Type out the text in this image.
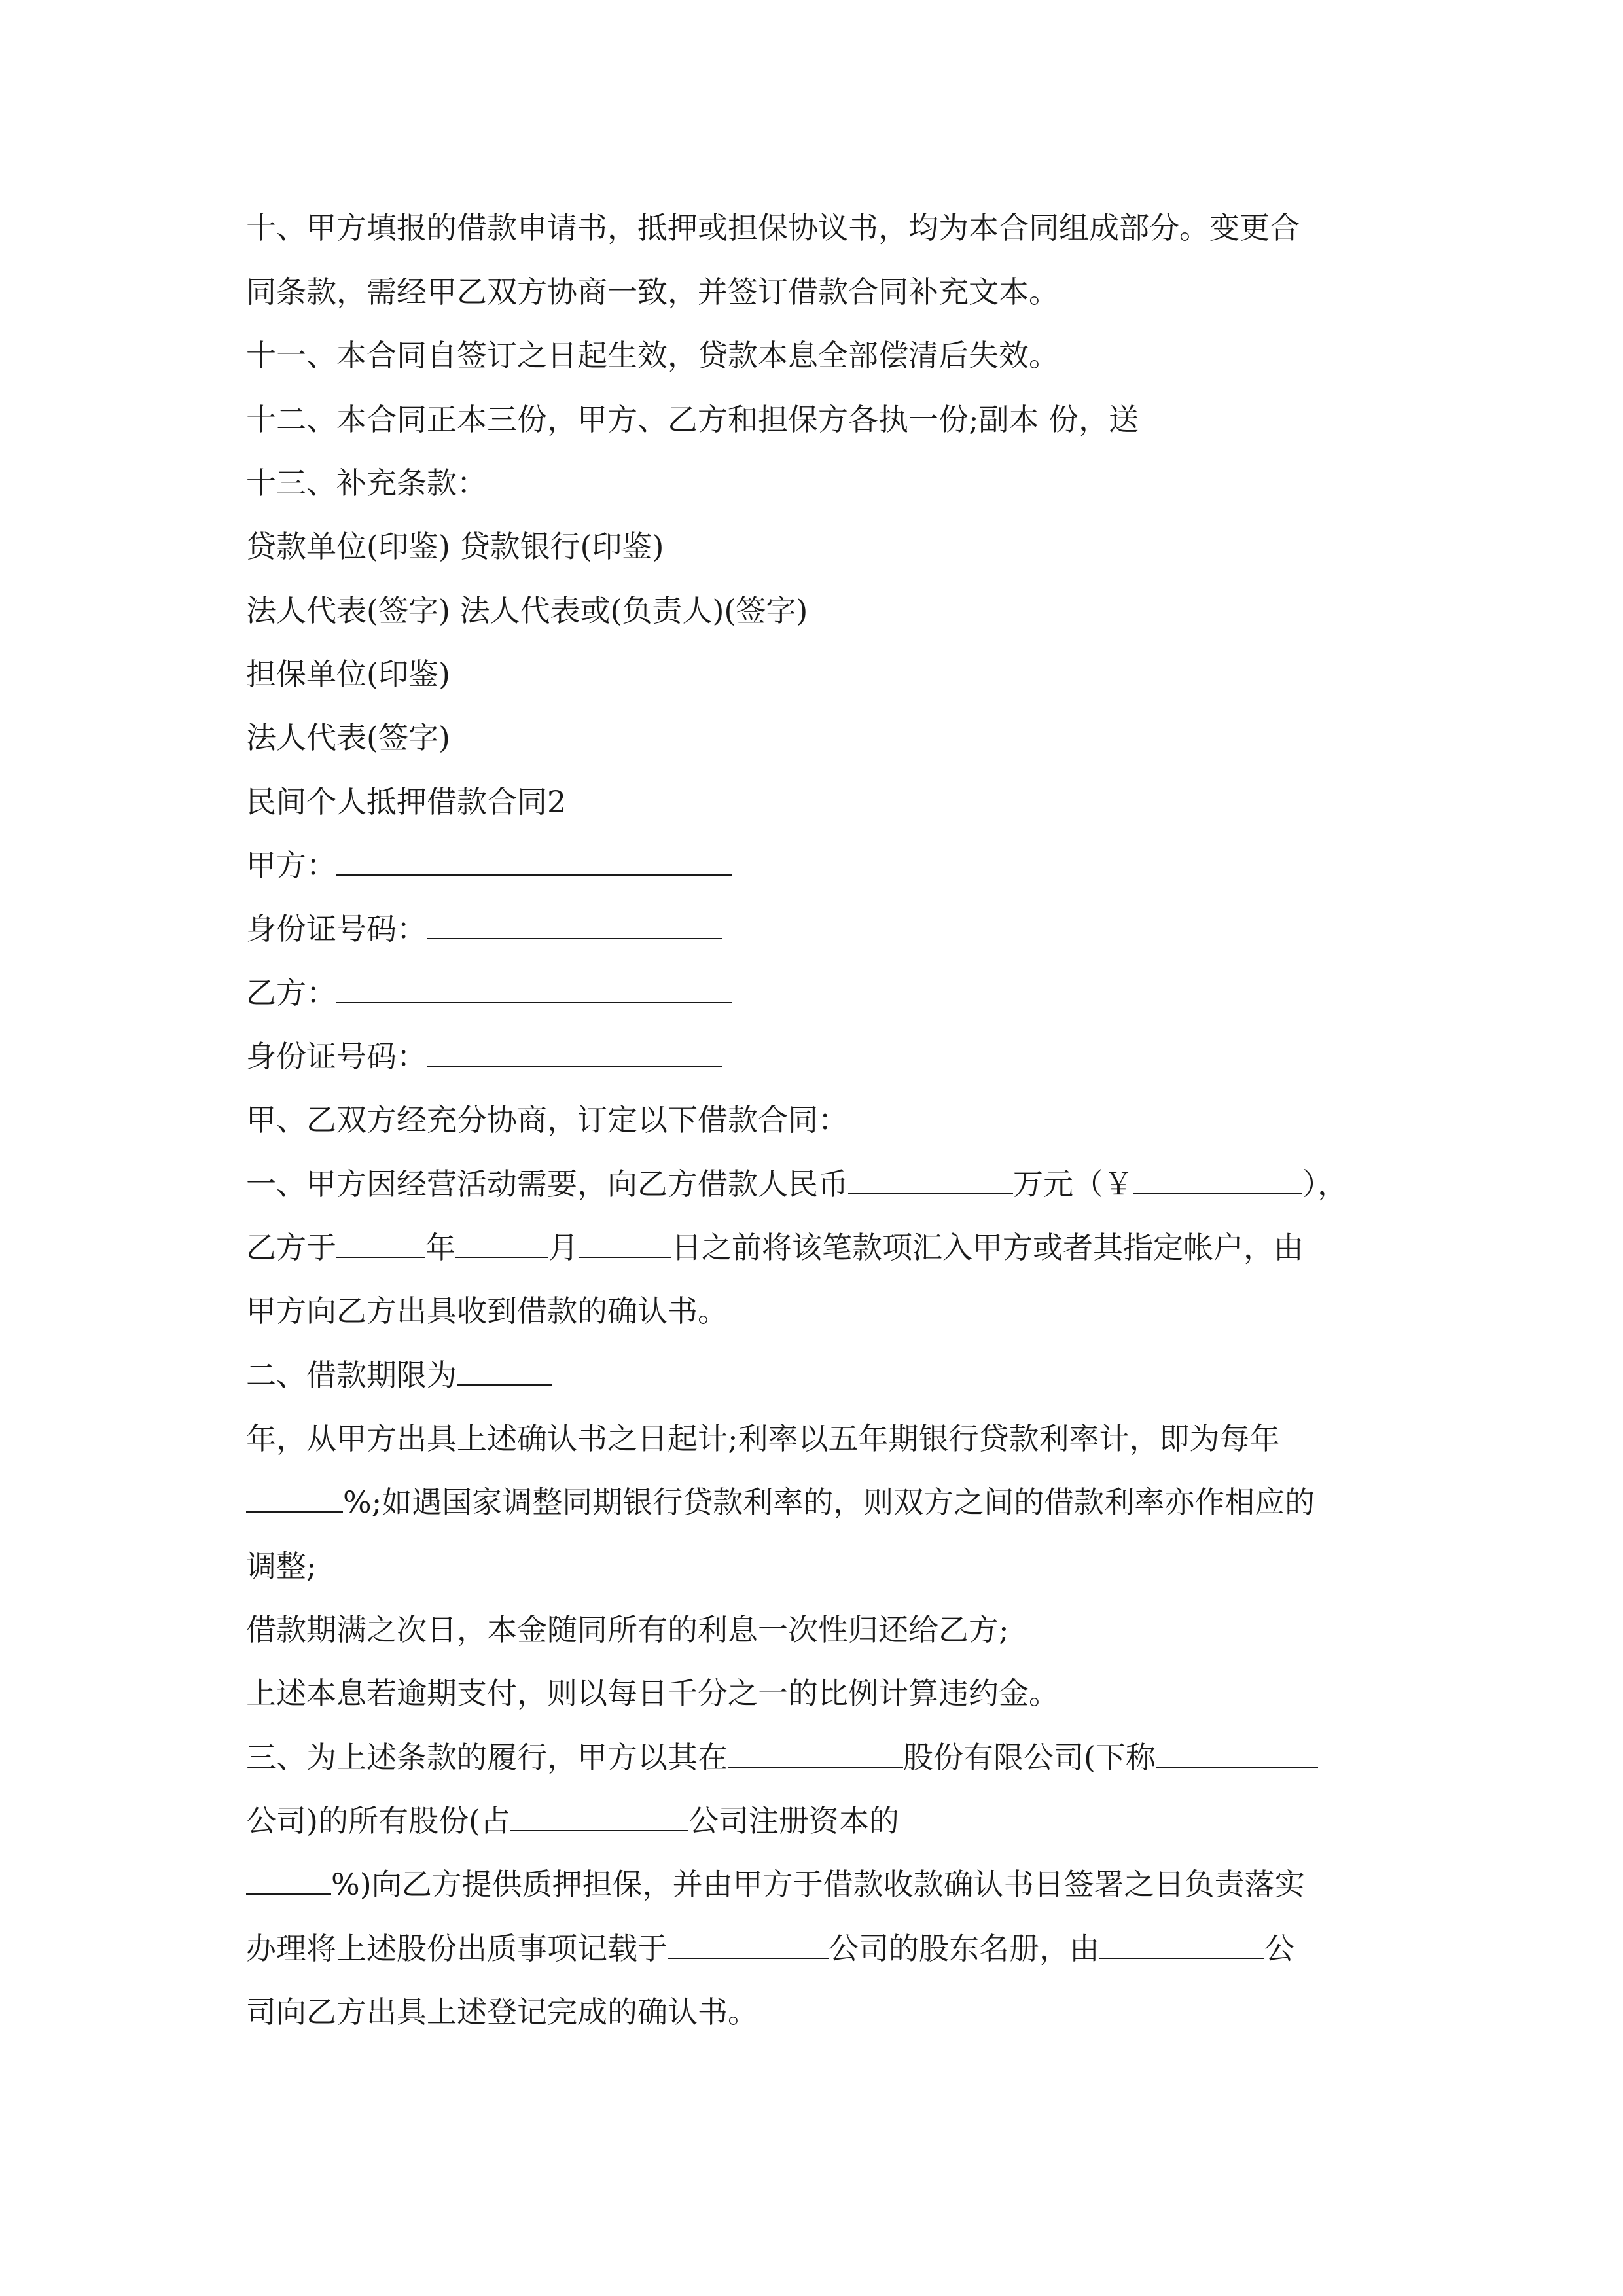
十、甲方填报的借款申请书，抵押或担保协议书，均为本合同组成部分。变更合
同条款，需经甲乙双方协商一致，并签订借款合同补充文本。
十一、本合同自签订之日起生效，贷款本息全部偿清后失效。
十二、本合同正本三份，甲方、乙方和担保方各执一份;副本 份，送
十三、补充条款：
贷款单位(印鉴) 贷款银行(印鉴)
法人代表(签字) 法人代表或(负责人)(签字)
担保单位(印鉴)
法人代表(签字)
民间个人抵押借款合同2
甲方：
身份证号码：
乙方：
身份证号码：
甲、乙双方经充分协商，订定以下借款合同：
一、甲方因经营活动需要，向乙方借款人民币	万元（￥	），
乙方于	年	月	日之前将该笔款项汇入甲方或者其指定帐户，由
甲方向乙方出具收到借款的确认书。
二、借款期限为
年，从甲方出具上述确认书之日起计;利率以五年期银行贷款利率计，即为每年
%;如遇国家调整同期银行贷款利率的，则双方之间的借款利率亦作相应的
调整;
借款期满之次日，本金随同所有的利息一次性归还给乙方;
上述本息若逾期支付，则以每日千分之一的比例计算违约金。
三、为上述条款的履行，甲方以其在	股份有限公司(下称
公司)的所有股份(占	公司注册资本的
%)向乙方提供质押担保，并由甲方于借款收款确认书日签署之日负责落实
办理将上述股份出质事项记载于	公司的股东名册，由	公
司向乙方出具上述登记完成的确认书。
